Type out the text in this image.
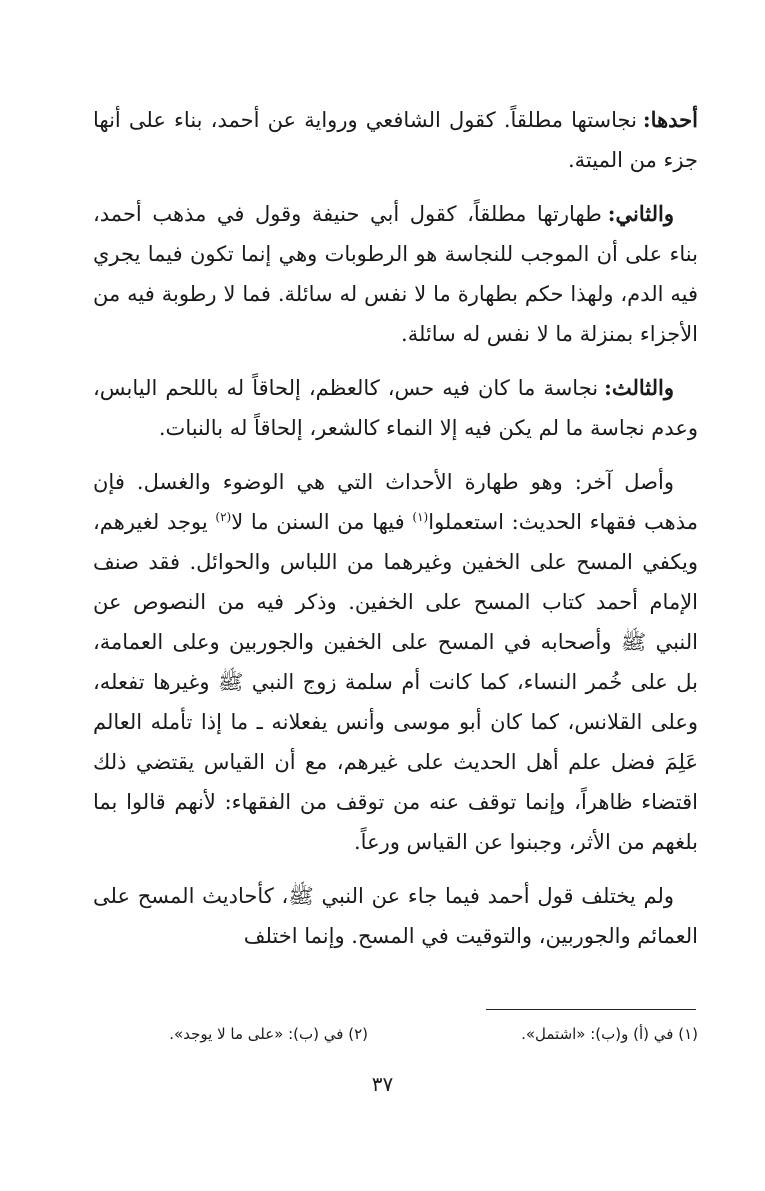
أحدها:نجاستها مطلقاً. كقول الشافعي ورواية عن أحمد، بناء على أنها جزء من الميتة.

والثاني:طهارتها مطلقاً، كقول أبي حنيفة وقول في مذهب أحمد، بناء على أن الموجب للنجاسة هو الرطوبات وهي إنما تكون فيما يجري فيه الدم، ولهذا حكم بطهارة ما لا نفس له سائلة. فما لا رطوبة فيه من الأجزاء بمنزلة ما لا نفس له سائلة.

والثالث:نجاسة ما كان فيه حس، كالعظم، إلحاقاً له باللحم اليابس، وعدم نجاسة ما لم يكن فيه إلا النماء كالشعر، إلحاقاً له بالنبات.

وأصل آخر: وهو طهارة الأحداث التي هي الوضوء والغسل. فإن مذهب فقهاء الحديث: استعملوا$^{(١)}$ فيها من السنن ما لا$^{(٢)}$ يوجد لغيرهم، ويكفي المسح على الخفين وغيرهما من اللباس والحوائل. فقد صنف الإمام أحمد كتاب المسح على الخفين. وذكر فيه من النصوص عن النبي ﷺ وأصحابه في المسح على الخفين والجوربين وعلى العمامة، بل على خُمر النساء، كما كانت أم سلمة زوج النبي ﷺ وغيرها تفعله، وعلى القلانس، كما كان أبو موسى وأنس يفعلانه ـ ما إذا تأمله العالم عَلِمَ فضل علم أهل الحديث على غيرهم، مع أن القياس يقتضي ذلك اقتضاء ظاهراً، وإنما توقف عنه من توقف من الفقهاء: لأنهم قالوا بما بلغهم من الأثر، وجبنوا عن القياس ورعاً.

ولم يختلف قول أحمد فيما جاء عن النبي ﷺ، كأحاديث المسح على العمائم والجوربين، والتوقيت في المسح. وإنما اختلف

(١) في (أ) و(ب): «اشتمل».
(٢) في (ب): «على ما لا يوجد».
٣٧
